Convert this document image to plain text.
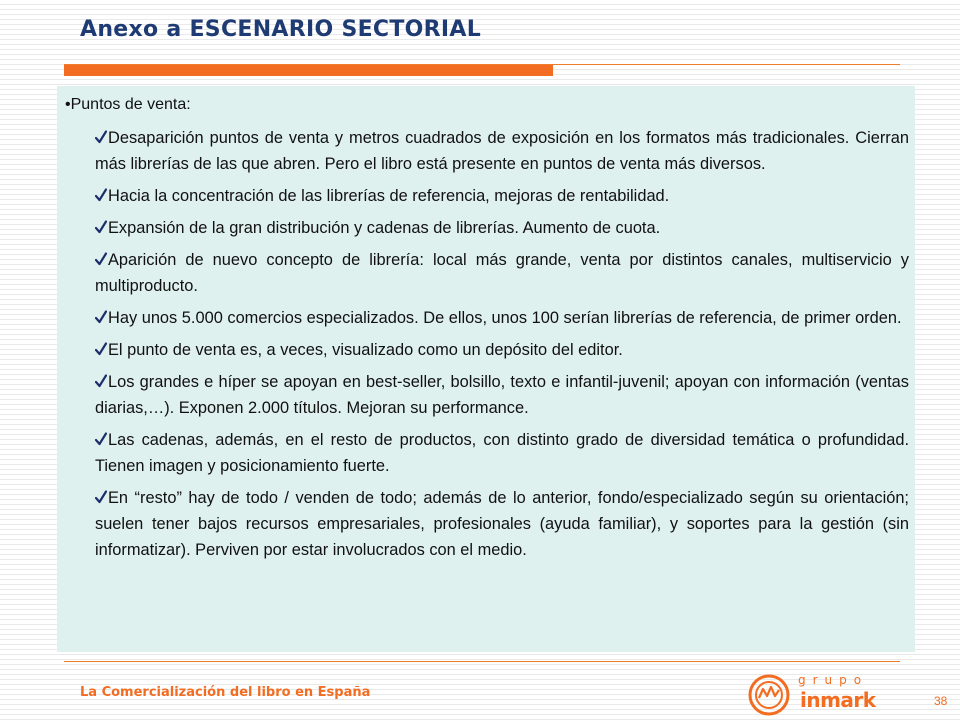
Anexo a ESCENARIO SECTORIAL

•Puntos de venta:

Desaparición puntos de venta y metros cuadrados de exposición en los formatos más tradicionales. Cierran más librerías de las que abren. Pero el libro está presente en puntos de venta más diversos.
Hacia la concentración de las librerías de referencia, mejoras de rentabilidad.
Expansión de la gran distribución y cadenas de librerías. Aumento de cuota.
Aparición de nuevo concepto de librería: local más grande, venta por distintos canales, multiservicio y multiproducto.
Hay unos 5.000 comercios especializados. De ellos, unos 100 serían librerías de referencia, de primer orden.
El punto de venta es, a veces, visualizado como un depósito del editor.
Los grandes e híper se apoyan en best-seller, bolsillo, texto e infantil-juvenil; apoyan con información (ventas diarias,…). Exponen 2.000 títulos. Mejoran su performance.
Las cadenas, además, en el resto de productos, con distinto grado de diversidad temática o profundidad. Tienen imagen y posicionamiento fuerte.
En “resto” hay de todo / venden de todo; además de lo anterior, fondo/especializado según su orientación; suelen tener bajos recursos empresariales, profesionales (ayuda familiar), y soportes para la gestión (sin informatizar). Perviven por estar involucrados con el medio.
La Comercialización del libro en España
grupo
inmark	38
